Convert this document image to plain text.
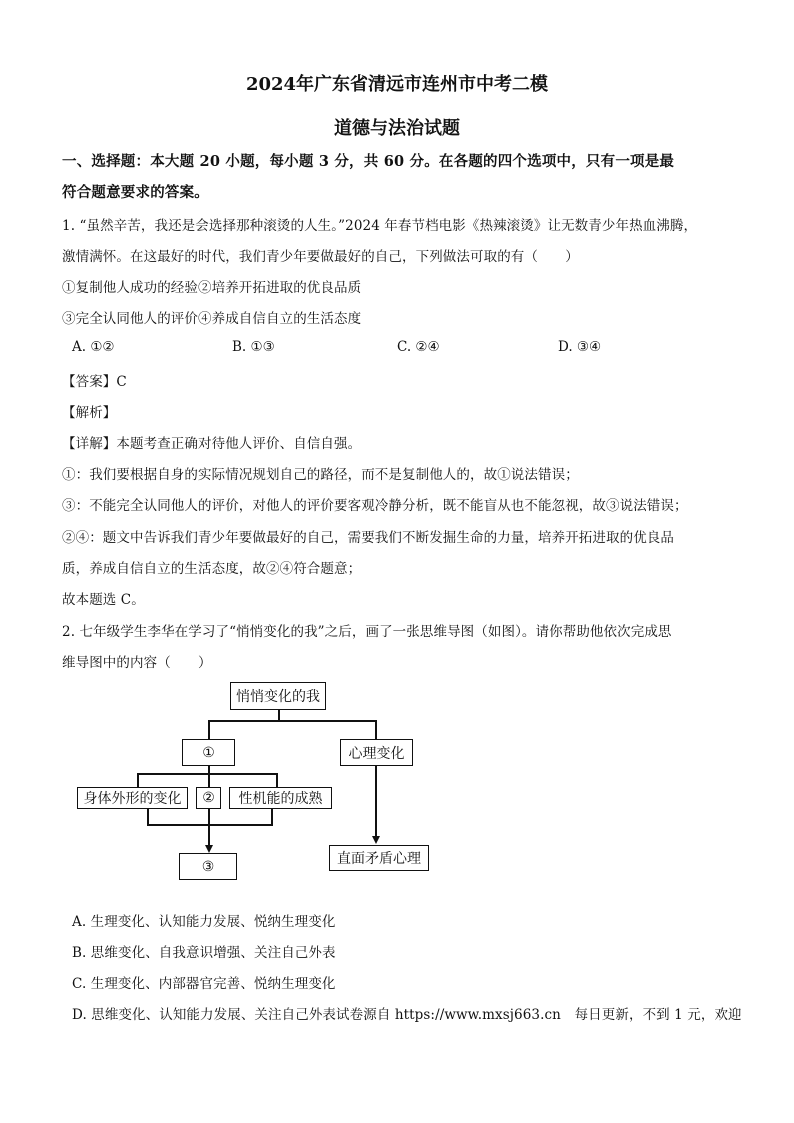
2024年广东省清远市连州市中考二模
道德与法治试题
一、选择题：本大题 20 小题，每小题 3 分，共 60 分。在各题的四个选项中，只有一项是最
符合题意要求的答案。
1. “虽然辛苦，我还是会选择那种滚烫的人生。”2024 年春节档电影《热辣滚烫》让无数青少年热血沸腾，
激情满怀。在这最好的时代，我们青少年要做最好的自己，下列做法可取的有（　　）
①复制他人成功的经验②培养开拓进取的优良品质
③完全认同他人的评价④养成自信自立的生活态度
A. ①②	B. ①③	C. ②④	D. ③④
【答案】C
【解析】
【详解】本题考查正确对待他人评价、自信自强。
①：我们要根据自身的实际情况规划自己的路径，而不是复制他人的，故①说法错误；
③：不能完全认同他人的评价，对他人的评价要客观冷静分析，既不能盲从也不能忽视，故③说法错误；
②④：题文中告诉我们青少年要做最好的自己，需要我们不断发掘生命的力量，培养开拓进取的优良品
质，养成自信自立的生活态度，故②④符合题意；
故本题选 C。
2. 七年级学生李华在学习了“悄悄变化的我”之后，画了一张思维导图（如图）。请你帮助他依次完成思
维导图中的内容（　　）
悄悄变化的我
①	心理变化
身体外形的变化	②	性机能的成熟
③	直面矛盾心理
A. 生理变化、认知能力发展、悦纳生理变化
B. 思维变化、自我意识增强、关注自己外表
C. 生理变化、内部器官完善、悦纳生理变化
D. 思维变化、认知能力发展、关注自己外表试卷源自 https://www.mxsj663.cn　每日更新，不到 1 元，欢迎
